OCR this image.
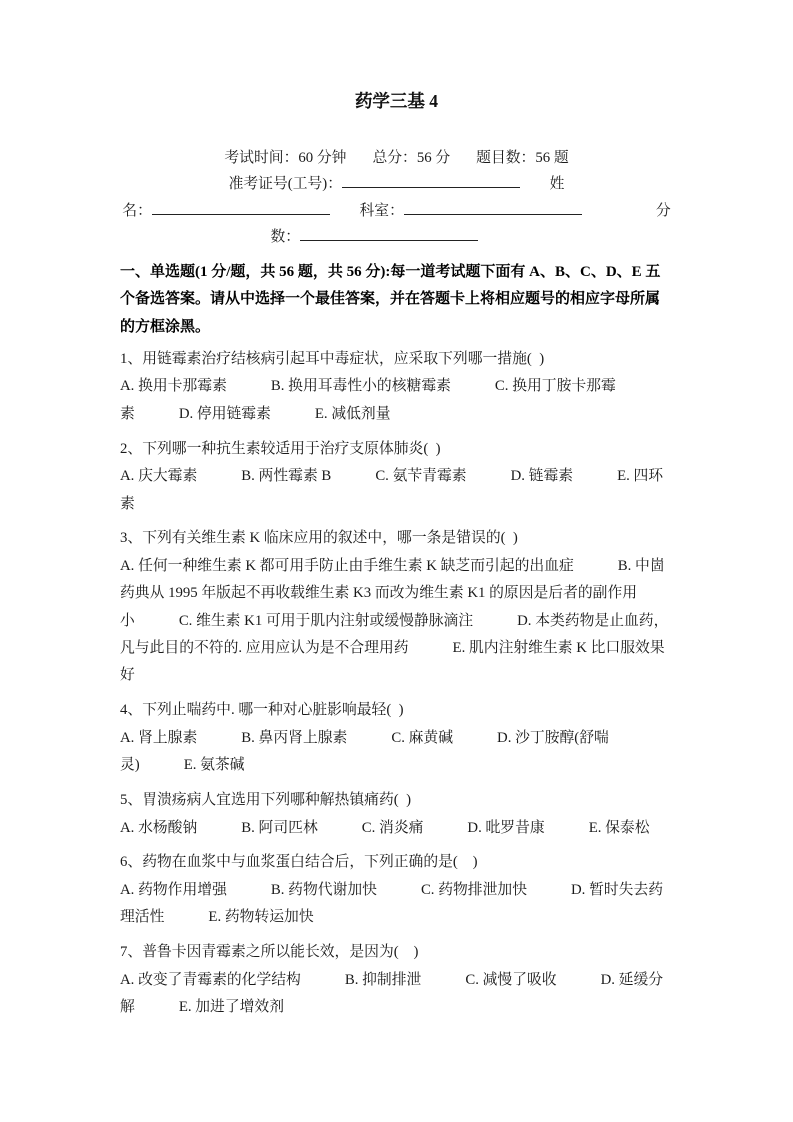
药学三基 4
考试时间：60 分钟 总分：56 分 题目数：56 题
准考证号(工号)：	　　姓
名：	　　科室：	　　　　　分
数：　　　
一、单选题(1 分/题，共 56 题，共 56 分):每一道考试题下面有 A、B、C、D、E 五个备选答案。请从中选择一个最佳答案，并在答题卡上将相应题号的相应字母所属的方框涂黑。
1、用链霉素治疗结核病引起耳中毒症状，应采取下列哪一措施(  )
A. 换用卡那霉素	B. 换用耳毒性小的核糖霉素	C. 换用丁胺卡那霉素	D. 停用链霉素	E. 减低剂量
2、下列哪一种抗生素较适用于治疗支原体肺炎(  )
A. 庆大霉素	B. 两性霉素 B	C. 氨苄青霉素	D. 链霉素	E. 四环素
3、下列有关维生素 K 临床应用的叙述中，哪一条是错误的(  )
A. 任何一种维生素 K 都可用手防止由手维生素 K 缺芝而引起的出血症	B. 中崮药典从 1995 年版起不再收载维生素 K3 而改为维生素 K1 的原因是后者的副作用小	C. 维生素 K1 可用于肌内注射或缓慢静脉滴注	D. 本类药物是止血药，凡与此目的不符的. 应用应认为是不合理用药	E. 肌内注射维生素 K 比口服效果好
4、下列止喘药中. 哪一种对心脏影响最轻(  )
A. 肾上腺素	B. 鼻丙肾上腺素	C. 麻黄碱	D. 沙丁胺醇(舒喘灵)	E. 氨茶碱
5、胃溃疡病人宜选用下列哪种解热镇痛药(  )
A. 水杨酸钠	B. 阿司匹林	C. 消炎痛	D. 吡罗昔康	E. 保泰松
6、药物在血浆中与血浆蛋白结合后，下列正确的是(    )
A. 药物作用增强	B. 药物代谢加快	C. 药物排泄加快	D. 暂时失去药理活性	E. 药物转运加快
7、普鲁卡因青霉素之所以能长效，是因为(    )
A. 改变了青霉素的化学结构	B. 抑制排泄	C. 减慢了吸收	D. 延缓分解	E. 加进了增效剂
